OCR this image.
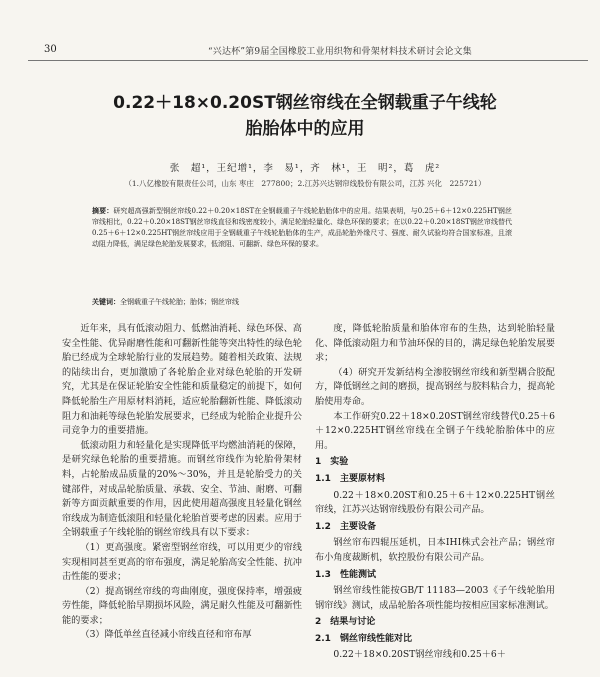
30	“兴达杯”第9届全国橡胶工业用织物和骨架材料技术研讨会论文集
0.22＋18×0.20ST钢丝帘线在全钢载重子午线轮
胎胎体中的应用
张　超¹，王纪增¹，李　易¹，齐　林¹，王　明²，葛　虎²
（1.八亿橡胶有限责任公司，山东 枣庄　277800；2.江苏兴达钢帘线股份有限公司，江苏 兴化　225721）
摘要：研究超高强新型钢丝帘线0.22＋0.20×18ST在全钢载重子午线轮胎胎体中的应用。结果表明，与0.25＋6＋12×0.225HT钢丝帘线相比，0.22＋0.20×18ST钢丝帘线直径和线密度较小，满足轮胎轻量化、绿色环保的要求；在以0.22＋0.20×18ST钢丝帘线替代0.25＋6＋12×0.225HT钢丝帘线应用于全钢载重子午线轮胎胎体的生产，成品轮胎外缘尺寸、强度、耐久试验均符合国家标准，且滚动阻力降低，满足绿色轮胎发展要求，低滚阻、可翻新、绿色环保的要求。
关键词：全钢载重子午线轮胎；胎体；钢丝帘线

近年来，具有低滚动阻力、低燃油消耗、绿色环保、高安全性能、优异耐磨性能和可翻新性能等突出特性的绿色轮胎已经成为全球轮胎行业的发展趋势。随着相关政策、法规的陆续出台，更加激励了各轮胎企业对绿色轮胎的开发研究，尤其是在保证轮胎安全性能和质量稳定的前提下，如何降低轮胎生产用原材料消耗，适应轮胎翻新性能、降低滚动阻力和油耗等绿色轮胎发展要求，已经成为轮胎企业提升公司竞争力的重要措施。

低滚动阻力和轻量化是实现降低平均燃油消耗的保障，是研究绿色轮胎的重要措施。而钢丝帘线作为轮胎骨架材料，占轮胎成品质量的20%～30%，并且是轮胎受力的关键部件，对成品轮胎质量、承载、安全、节油、耐磨、可翻新等方面贡献重要的作用，因此使用超高强度且轻量化钢丝帘线成为制造低滚阻和轻量化轮胎首要考虑的因素。应用于全钢载重子午线轮胎的钢丝帘线具有以下要求：

（1）更高强度。紧密型钢丝帘线，可以用更少的帘线实现相同甚至更高的帘布强度，满足轮胎高安全性能、抗冲击性能的要求；

（2）提高钢丝帘线的弯曲刚度，强度保持率，增强疲劳性能，降低轮胎早期损坏风险，满足耐久性能及可翻新性能的要求；

（3）降低单丝直径减小帘线直径和帘布厚

度，降低轮胎质量和胎体帘布的生热，达到轮胎轻量化、降低滚动阻力和节油环保的目的，满足绿色轮胎发展要求；

（4）研究开发新结构全渗胶钢丝帘线和新型耦合胶配方，降低钢丝之间的磨损，提高钢丝与胶料粘合力，提高轮胎使用寿命。

本工作研究0.22＋18×0.20ST钢丝帘线替代0.25＋6＋12×0.225HT钢丝帘线在全钢子午线轮胎胎体中的应用。

1　实验

1.1　主要原材料

0.22＋18×0.20ST和0.25＋6＋12×0.225HT钢丝帘线，江苏兴达钢帘线股份有限公司产品。

1.2　主要设备

钢丝帘布四辊压延机，日本IHI株式会社产品；钢丝帘布小角度裁断机，软控股份有限公司产品。

1.3　性能测试

钢丝帘线性能按GB/T 11183—2003《子午线轮胎用钢帘线》测试，成品轮胎各项性能均按相应国家标准测试。

2　结果与讨论

2.1　钢丝帘线性能对比

0.22＋18×0.20ST钢丝帘线和0.25＋6＋
